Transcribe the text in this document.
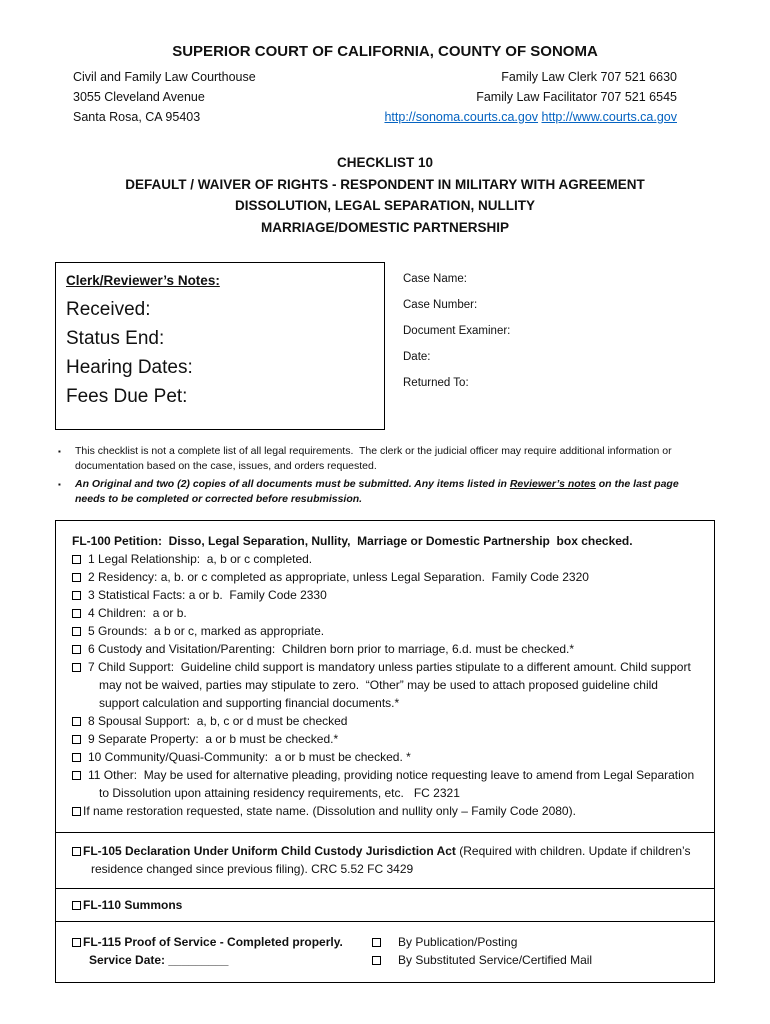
SUPERIOR COURT OF CALIFORNIA, COUNTY OF SONOMA
Civil and Family Law Courthouse
3055 Cleveland Avenue
Santa Rosa, CA 95403
Family Law Clerk 707 521 6630
Family Law Facilitator 707 521 6545
http://sonoma.courts.ca.gov http://www.courts.ca.gov
CHECKLIST 10
DEFAULT / WAIVER OF RIGHTS - RESPONDENT IN MILITARY WITH AGREEMENT
DISSOLUTION, LEGAL SEPARATION, NULLITY
MARRIAGE/DOMESTIC PARTNERSHIP
Clerk/Reviewer’s Notes:
Received:
Status End:
Hearing Dates:
Fees Due Pet:
Case Name:
Case Number:
Document Examiner:
Date:
Returned To:
▪	This checklist is not a complete list of all legal requirements.  The clerk or the judicial officer may require additional information or documentation based on the case, issues, and orders requested.
▪	An Original and two (2) copies of all documents must be submitted. Any items listed in Reviewer’s notes on the last page needs to be completed or corrected before resubmission.
FL-100 Petition:  Disso, Legal Separation, Nullity,  Marriage or Domestic Partnership  box checked.
1 Legal Relationship:  a, b or c completed.
2 Residency: a, b. or c completed as appropriate, unless Legal Separation.  Family Code 2320
3 Statistical Facts: a or b.  Family Code 2330
4 Children:  a or b.
5 Grounds:  a b or c, marked as appropriate.
6 Custody and Visitation/Parenting:  Children born prior to marriage, 6.d. must be checked.*
7 Child Support:  Guideline child support is mandatory unless parties stipulate to a different amount. Child support may not be waived, parties may stipulate to zero.  “Other” may be used to attach proposed guideline child support calculation and supporting financial documents.*
8 Spousal Support:  a, b, c or d must be checked
9 Separate Property:  a or b must be checked.*
10 Community/Quasi-Community:  a or b must be checked. *
11 Other:  May be used for alternative pleading, providing notice requesting leave to amend from Legal Separation to Dissolution upon attaining residency requirements, etc.   FC 2321
If name restoration requested, state name. (Dissolution and nullity only – Family Code 2080).
FL-105 Declaration Under Uniform Child Custody Jurisdiction Act (Required with children. Update if children’s residence changed since previous filing). CRC 5.52 FC 3429
FL-110 Summons
FL-115 Proof of Service - Completed properly.	By Publication/Posting
Service Date: _________	By Substituted Service/Certified Mail
